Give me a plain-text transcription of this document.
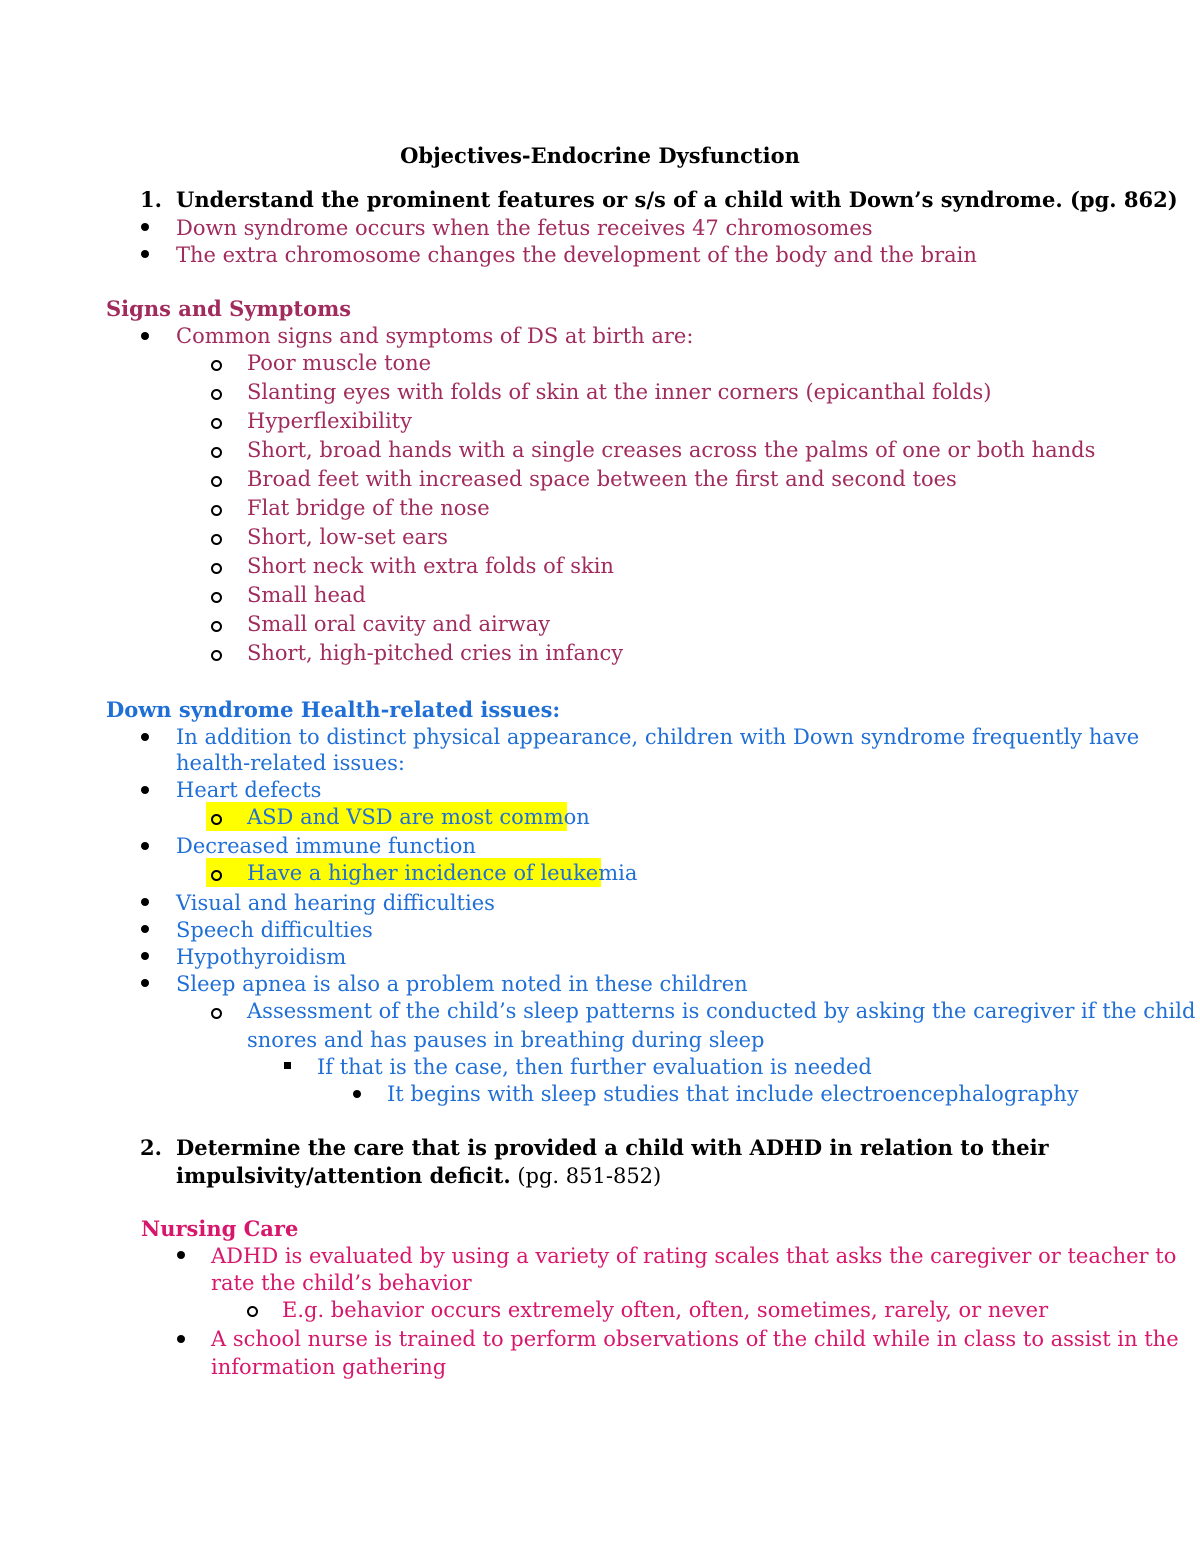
Objectives-Endocrine Dysfunction
1. Understand the prominent features or s/s of a child with Down’s syndrome. (pg. 862)
Down syndrome occurs when the fetus receives 47 chromosomes
The extra chromosome changes the development of the body and the brain
Signs and Symptoms
Common signs and symptoms of DS at birth are:
Poor muscle tone
Slanting eyes with folds of skin at the inner corners (epicanthal folds)
Hyperflexibility
Short, broad hands with a single creases across the palms of one or both hands
Broad feet with increased space between the first and second toes
Flat bridge of the nose
Short, low-set ears
Short neck with extra folds of skin
Small head
Small oral cavity and airway
Short, high-pitched cries in infancy
Down syndrome Health-related issues:
In addition to distinct physical appearance, children with Down syndrome frequently have
health-related issues:
Heart defects
ASD and VSD are most common
Decreased immune function
Have a higher incidence of leukemia
Visual and hearing difficulties
Speech difficulties
Hypothyroidism
Sleep apnea is also a problem noted in these children
Assessment of the child’s sleep patterns is conducted by asking the caregiver if the child
snores and has pauses in breathing during sleep
If that is the case, then further evaluation is needed
It begins with sleep studies that include electroencephalography
2. Determine the care that is provided a child with ADHD in relation to their
impulsivity/attention deficit. (pg. 851-852)
Nursing Care
ADHD is evaluated by using a variety of rating scales that asks the caregiver or teacher to
rate the child’s behavior
E.g. behavior occurs extremely often, often, sometimes, rarely, or never
A school nurse is trained to perform observations of the child while in class to assist in the
information gathering
